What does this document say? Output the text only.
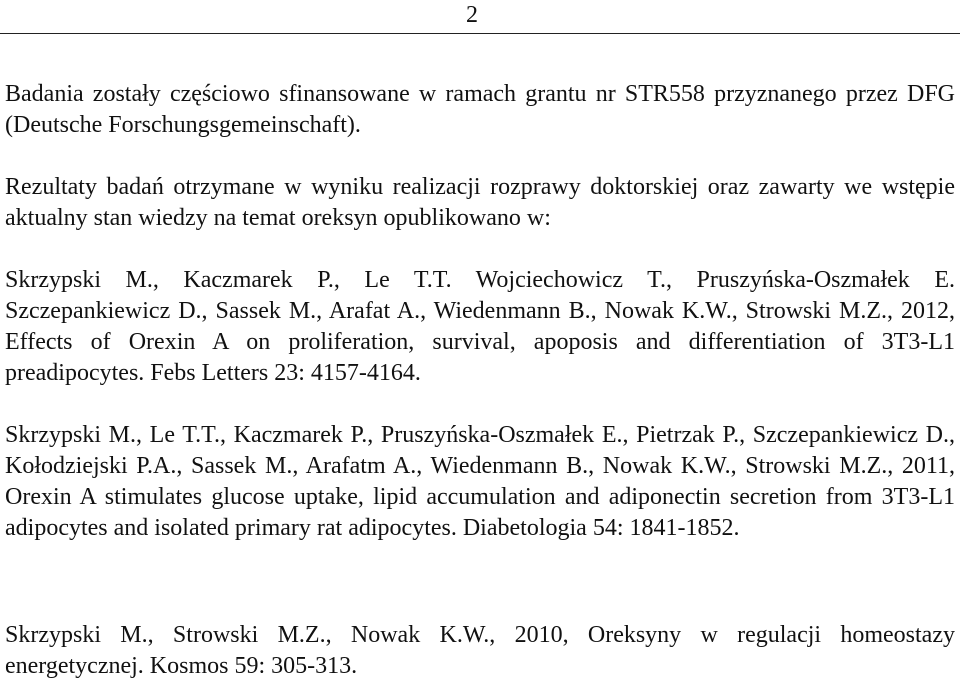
2

Badania zostały częściowo sfinansowane w ramach grantu nr STR558 przyznanego przez DFG (Deutsche Forschungsgemeinschaft).

Rezultaty badań otrzymane w wyniku realizacji rozprawy doktorskiej oraz zawarty we wstępie aktualny stan wiedzy na temat oreksyn opublikowano w:

Skrzypski M., Kaczmarek P., Le T.T. Wojciechowicz T., Pruszyńska-Oszmałek E. Szczepankiewicz D., Sassek M., Arafat A., Wiedenmann B., Nowak K.W., Strowski M.Z., 2012, Effects of Orexin A on proliferation, survival, apoposis and differentiation of 3T3-L1 preadipocytes. Febs Letters 23: 4157-4164.

Skrzypski M., Le T.T., Kaczmarek P., Pruszyńska-Oszmałek E., Pietrzak P., Szczepankiewicz D., Kołodziejski P.A., Sassek M., Arafatm A., Wiedenmann B., Nowak K.W., Strowski M.Z., 2011, Orexin A stimulates glucose uptake, lipid accumulation and adiponectin secretion from 3T3-L1 adipocytes and isolated primary rat adipocytes. Diabetologia 54: 1841-1852.

Skrzypski M., Strowski M.Z., Nowak K.W., 2010, Oreksyny w regulacji homeostazy energetycznej. Kosmos 59: 305-313.
